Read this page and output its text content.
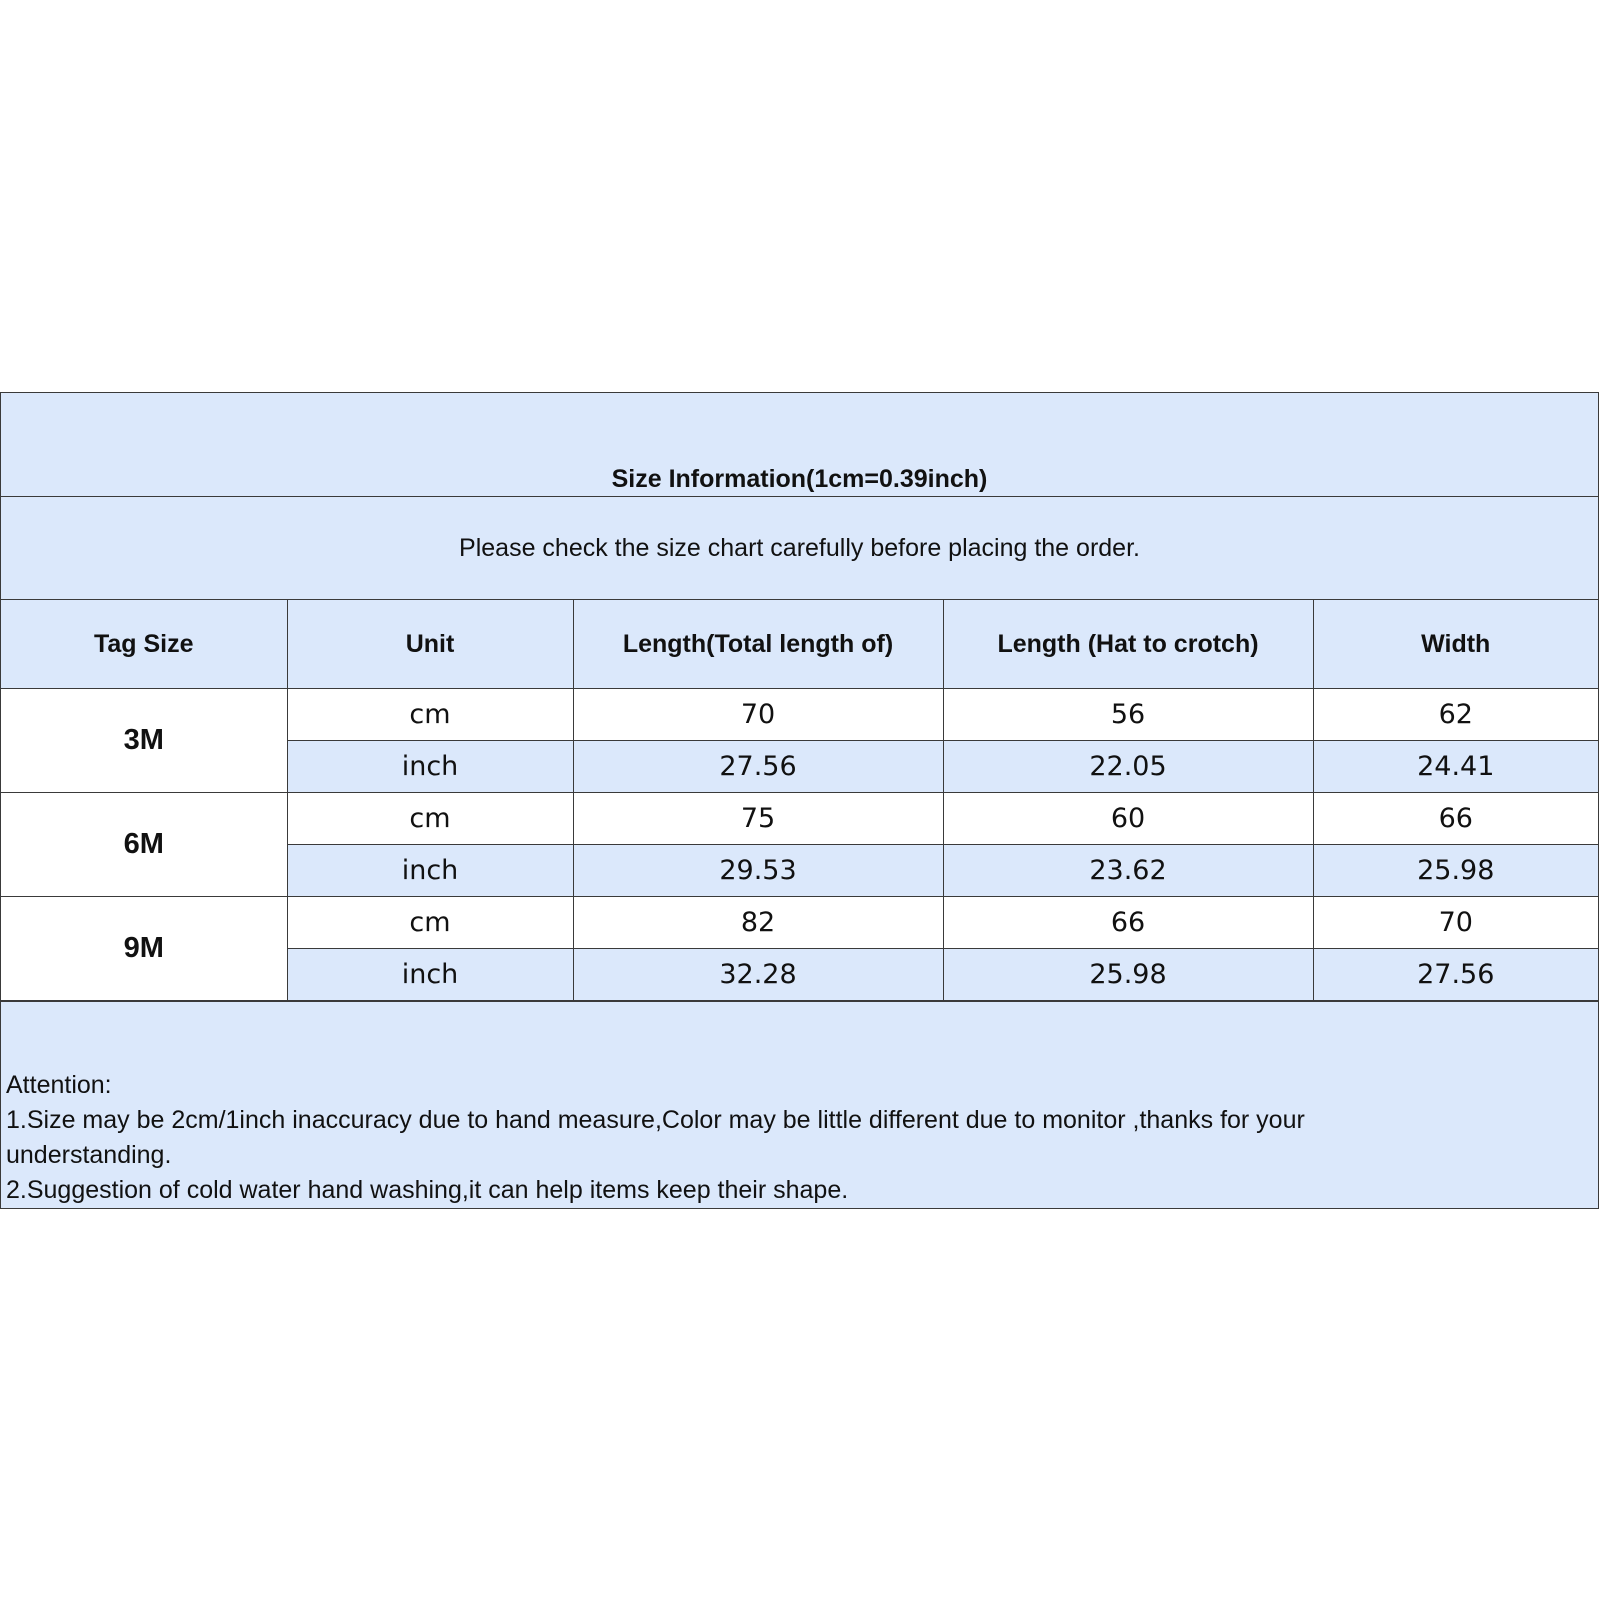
Size Information(1cm=0.39inch)
Please check the size chart carefully before placing the order.
Tag Size	Unit	Length(Total length of)	Length (Hat to crotch)	Width
3M	cm	70	56	62
	inch	27.56	22.05	24.41
6M	cm	75	60	66
	inch	29.53	23.62	25.98
9M	cm	82	66	70
	inch	32.28	25.98	27.56
Attention:
1.Size may be 2cm/1inch inaccuracy due to hand measure,Color may be little different due to monitor ,thanks for your understanding.
2.Suggestion of cold water hand washing,it can help items keep their shape.
